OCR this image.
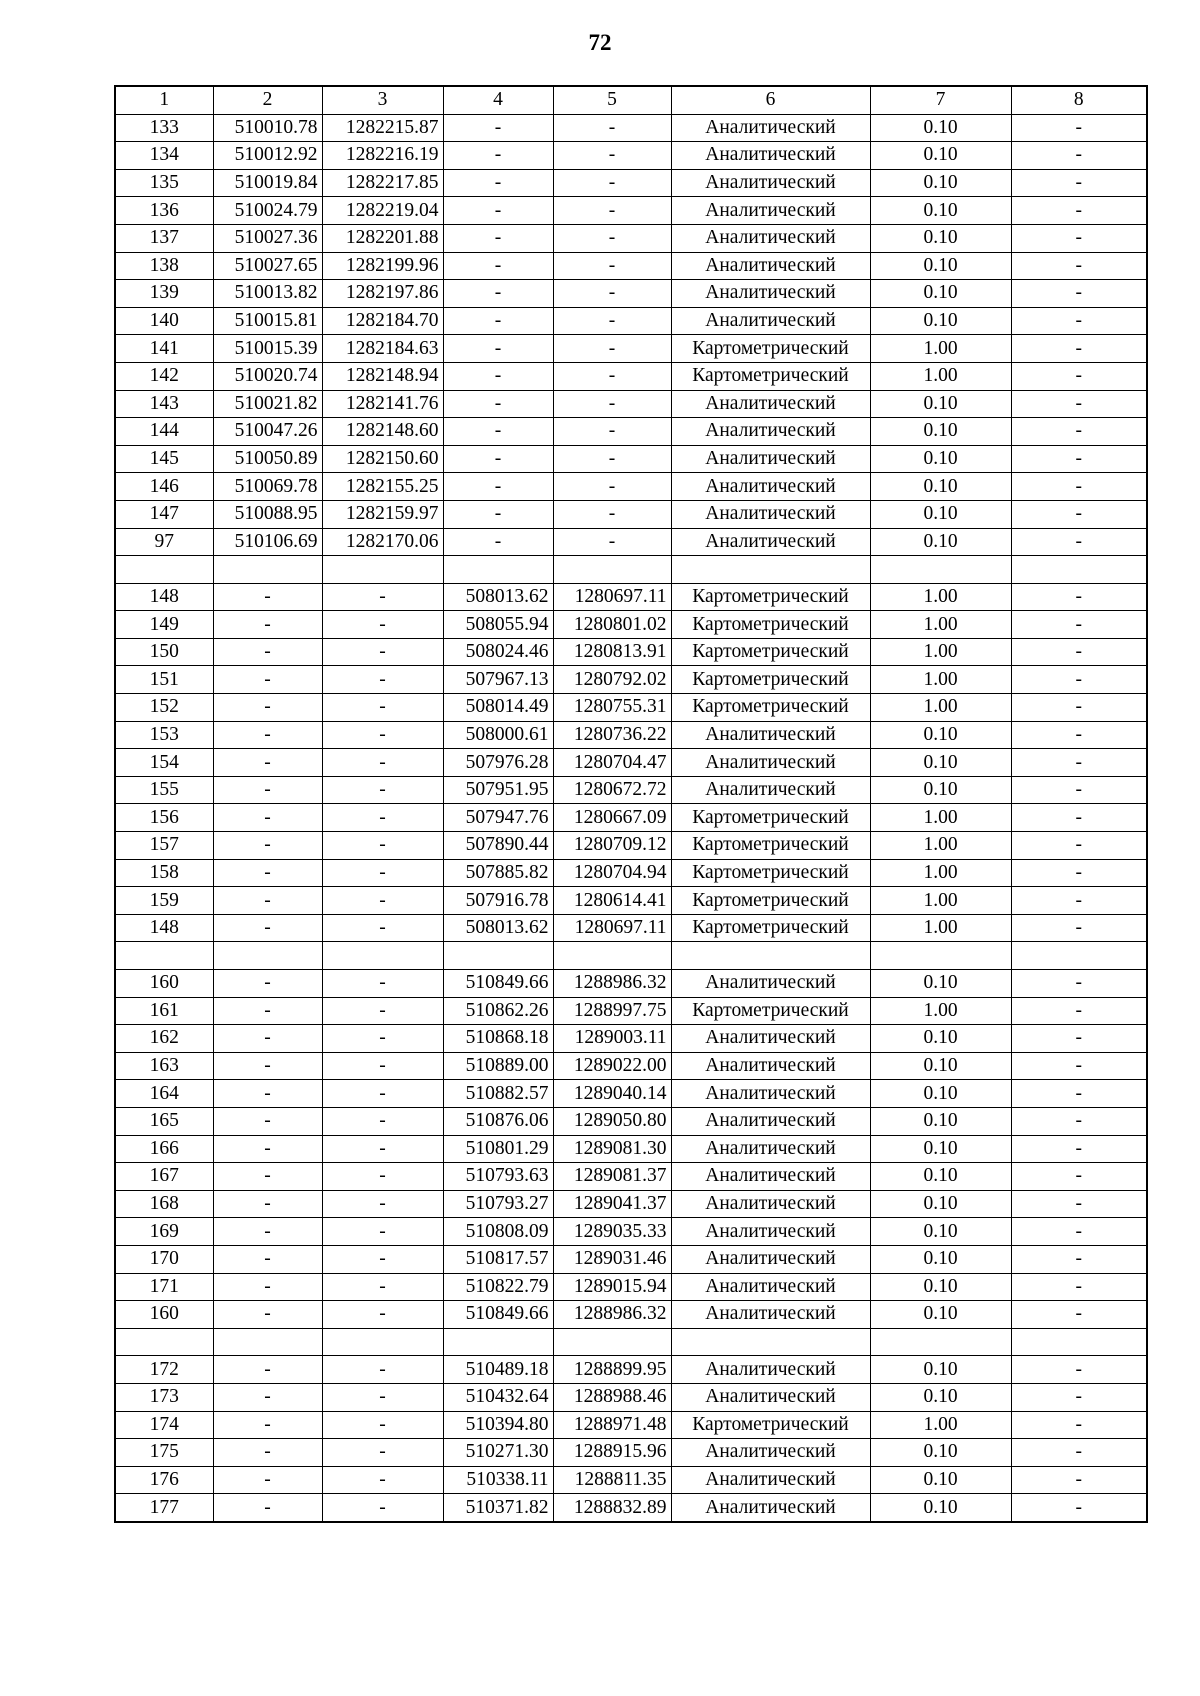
72
1	2	3	4	5	6	7	8
133	510010.78	1282215.87	-	-	Аналитический	0.10	-
134	510012.92	1282216.19	-	-	Аналитический	0.10	-
135	510019.84	1282217.85	-	-	Аналитический	0.10	-
136	510024.79	1282219.04	-	-	Аналитический	0.10	-
137	510027.36	1282201.88	-	-	Аналитический	0.10	-
138	510027.65	1282199.96	-	-	Аналитический	0.10	-
139	510013.82	1282197.86	-	-	Аналитический	0.10	-
140	510015.81	1282184.70	-	-	Аналитический	0.10	-
141	510015.39	1282184.63	-	-	Картометрический	1.00	-
142	510020.74	1282148.94	-	-	Картометрический	1.00	-
143	510021.82	1282141.76	-	-	Аналитический	0.10	-
144	510047.26	1282148.60	-	-	Аналитический	0.10	-
145	510050.89	1282150.60	-	-	Аналитический	0.10	-
146	510069.78	1282155.25	-	-	Аналитический	0.10	-
147	510088.95	1282159.97	-	-	Аналитический	0.10	-
97	510106.69	1282170.06	-	-	Аналитический	0.10	-

148	-	-	508013.62	1280697.11	Картометрический	1.00	-
149	-	-	508055.94	1280801.02	Картометрический	1.00	-
150	-	-	508024.46	1280813.91	Картометрический	1.00	-
151	-	-	507967.13	1280792.02	Картометрический	1.00	-
152	-	-	508014.49	1280755.31	Картометрический	1.00	-
153	-	-	508000.61	1280736.22	Аналитический	0.10	-
154	-	-	507976.28	1280704.47	Аналитический	0.10	-
155	-	-	507951.95	1280672.72	Аналитический	0.10	-
156	-	-	507947.76	1280667.09	Картометрический	1.00	-
157	-	-	507890.44	1280709.12	Картометрический	1.00	-
158	-	-	507885.82	1280704.94	Картометрический	1.00	-
159	-	-	507916.78	1280614.41	Картометрический	1.00	-
148	-	-	508013.62	1280697.11	Картометрический	1.00	-

160	-	-	510849.66	1288986.32	Аналитический	0.10	-
161	-	-	510862.26	1288997.75	Картометрический	1.00	-
162	-	-	510868.18	1289003.11	Аналитический	0.10	-
163	-	-	510889.00	1289022.00	Аналитический	0.10	-
164	-	-	510882.57	1289040.14	Аналитический	0.10	-
165	-	-	510876.06	1289050.80	Аналитический	0.10	-
166	-	-	510801.29	1289081.30	Аналитический	0.10	-
167	-	-	510793.63	1289081.37	Аналитический	0.10	-
168	-	-	510793.27	1289041.37	Аналитический	0.10	-
169	-	-	510808.09	1289035.33	Аналитический	0.10	-
170	-	-	510817.57	1289031.46	Аналитический	0.10	-
171	-	-	510822.79	1289015.94	Аналитический	0.10	-
160	-	-	510849.66	1288986.32	Аналитический	0.10	-

172	-	-	510489.18	1288899.95	Аналитический	0.10	-
173	-	-	510432.64	1288988.46	Аналитический	0.10	-
174	-	-	510394.80	1288971.48	Картометрический	1.00	-
175	-	-	510271.30	1288915.96	Аналитический	0.10	-
176	-	-	510338.11	1288811.35	Аналитический	0.10	-
177	-	-	510371.82	1288832.89	Аналитический	0.10	-
